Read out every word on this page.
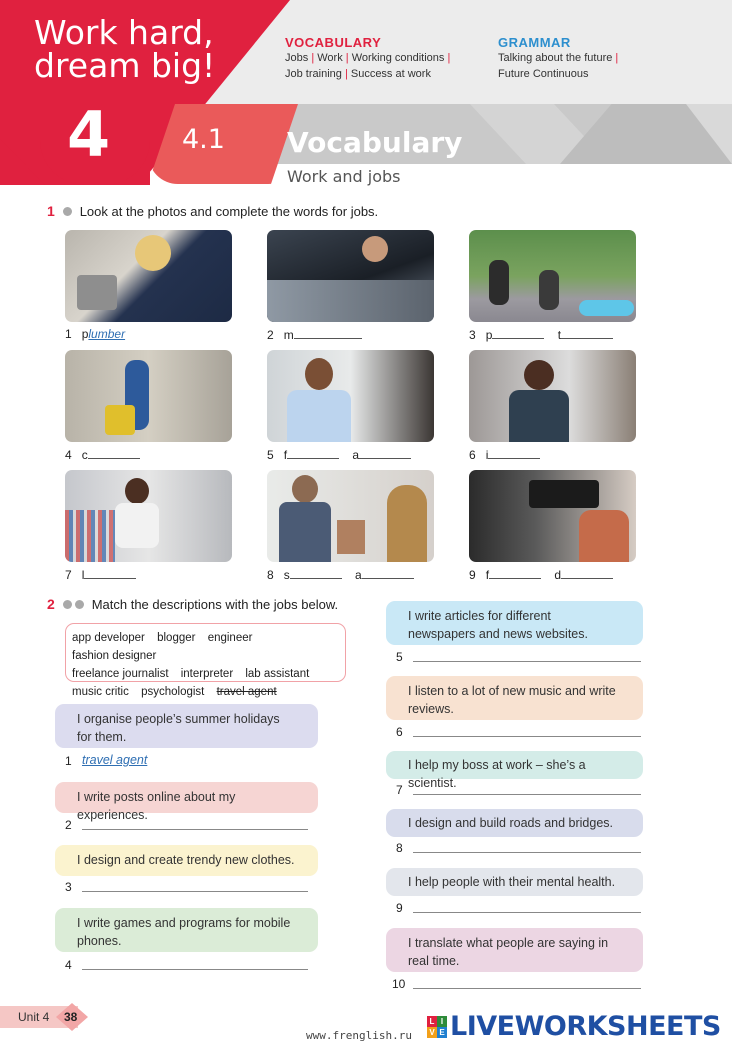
Work hard,
dream big!
4	4.1 Vocabulary
Work and jobs
VOCABULARY
Jobs | Work | Working conditions |
Job training | Success at work
GRAMMAR
Talking about the future |
Future Continuous
1 Look at the photos and complete the words for jobs.
1 plumber	2 m	3 p	t
4 c	5 f	a	6 i
7 l	8 s	a	9 f	d
2	Match the descriptions with the jobs below.
app developer blogger engineer fashion designer
freelance journalist interpreter lab assistant
music critic psychologist travel agent
I organise people’s summer holidays for them.
1 travel agent
I write posts online about my experiences.
2
I design and create trendy new clothes.
3
I write games and programs for mobile phones.
4
I write articles for different newspapers and news websites.
5
I listen to a lot of new music and write reviews.
6
I help my boss at work – she’s a scientist.
7
I design and build roads and bridges.
8
I help people with their mental health.
9
I translate what people are saying in real time.
10
Unit 4 38
www.frenglish.ru
L I
V E LIVEWORKSHEETS
